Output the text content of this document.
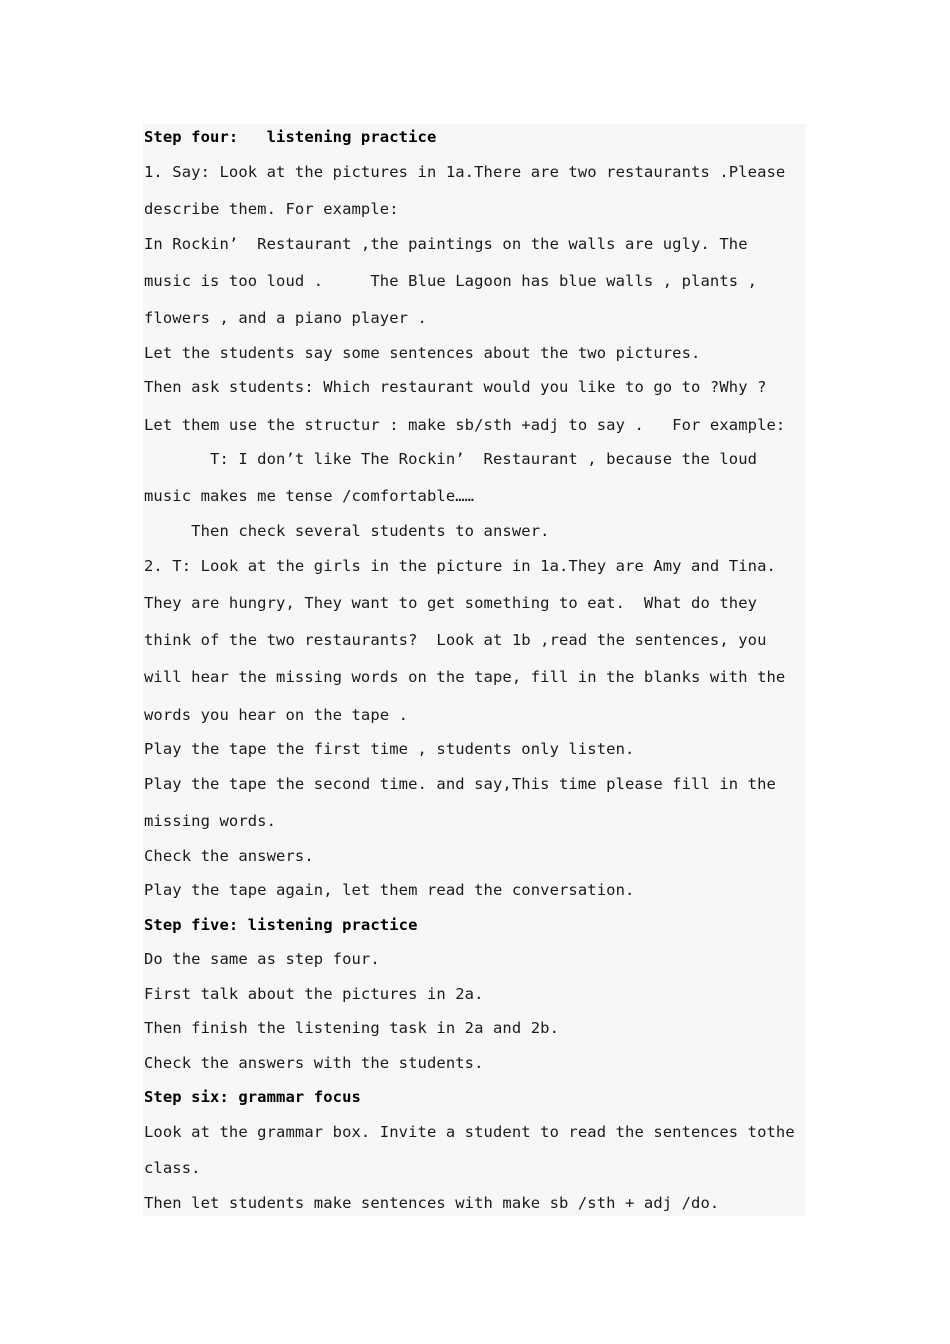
Step four:   listening practice
1. Say: Look at the pictures in 1a.There are two restaurants .Please
describe them. For example:
In Rockin’  Restaurant ,the paintings on the walls are ugly. The
music is too loud .     The Blue Lagoon has blue walls , plants ,
flowers , and a piano player .
Let the students say some sentences about the two pictures.
Then ask students: Which restaurant would you like to go to ?Why ?
Let them use the structur : make sb/sth +adj to say .   For example:
T: I don’t like The Rockin’  Restaurant , because the loud
music makes me tense /comfortable……
Then check several students to answer.
2. T: Look at the girls in the picture in 1a.They are Amy and Tina.
They are hungry, They want to get something to eat.  What do they
think of the two restaurants?  Look at 1b ,read the sentences, you
will hear the missing words on the tape, fill in the blanks with the
words you hear on the tape .
Play the tape the first time , students only listen.
Play the tape the second time. and say,This time please fill in the
missing words.
Check the answers.
Play the tape again, let them read the conversation.
Step five: listening practice
Do the same as step four.
First talk about the pictures in 2a.
Then finish the listening task in 2a and 2b.
Check the answers with the students.
Step six: grammar focus
Look at the grammar box. Invite a student to read the sentences tothe
class.
Then let students make sentences with make sb /sth + adj /do.
